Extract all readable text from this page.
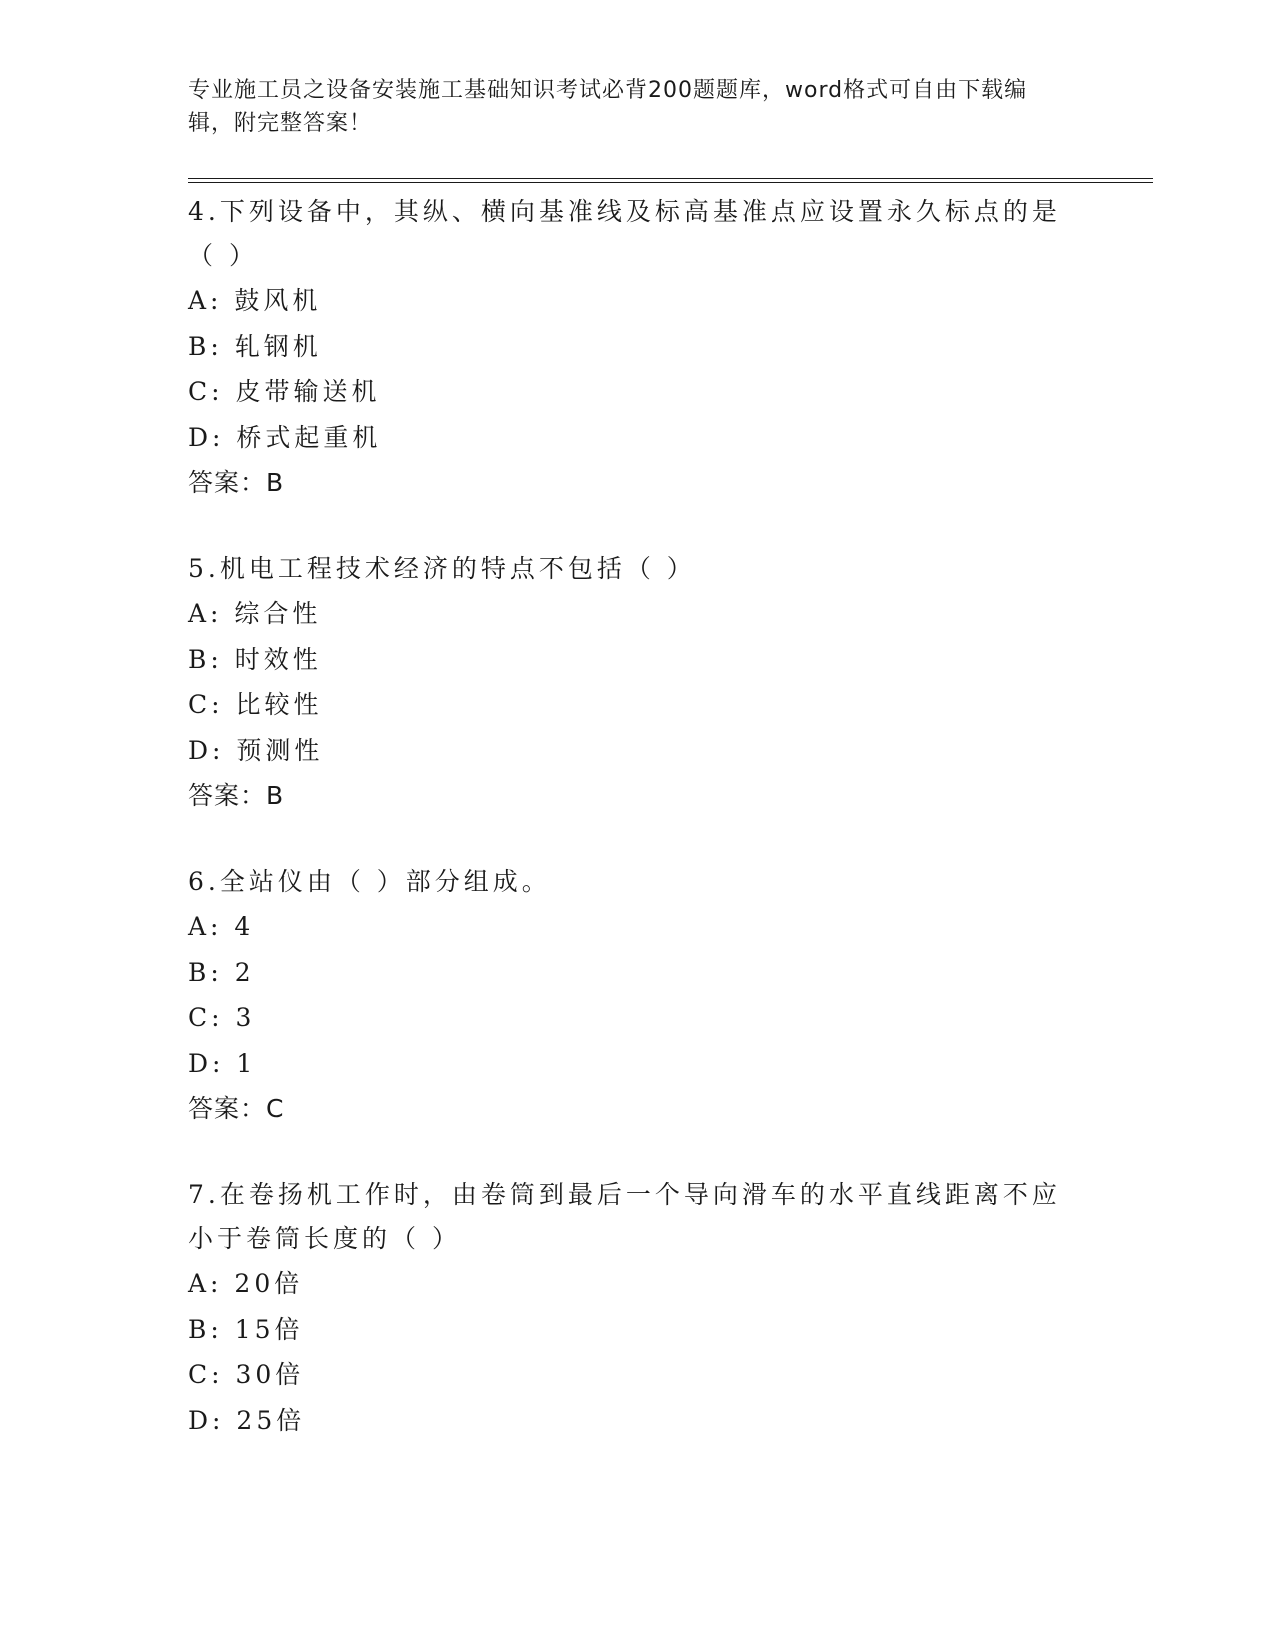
专业施工员之设备安装施工基础知识考试必背200题题库，word格式可自由下载编辑，附完整答案！

4.下列设备中，其纵、横向基准线及标高基准点应设置永久标点的是（ ）

A: 鼓风机

B: 轧钢机

C: 皮带输送机

D: 桥式起重机

答案：B

5.机电工程技术经济的特点不包括（ ）

A: 综合性

B: 时效性

C: 比较性

D: 预测性

答案：B

6.全站仪由（ ）部分组成。

A: 4

B: 2

C: 3

D: 1

答案：C

7.在卷扬机工作时，由卷筒到最后一个导向滑车的水平直线距离不应小于卷筒长度的（ ）

A: 20倍

B: 15倍

C: 30倍

D: 25倍
